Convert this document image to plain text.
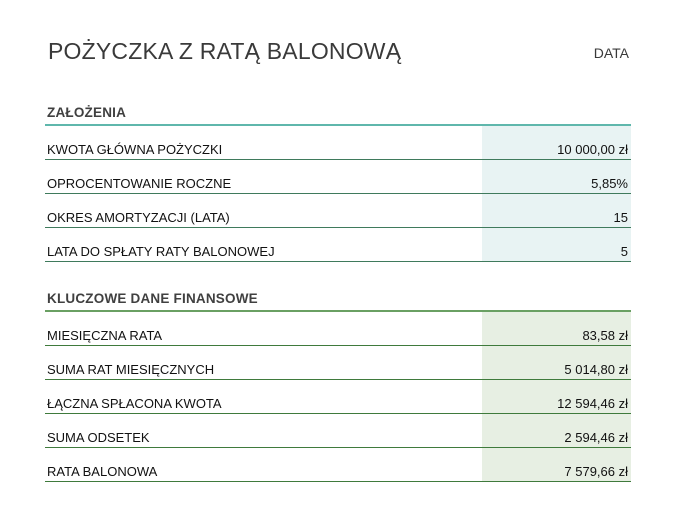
POŻYCZKA Z RATĄ BALONOWĄ	DATA
ZAŁOŻENIA
KWOTA GŁÓWNA POŻYCZKI	10 000,00 zł
OPROCENTOWANIE ROCZNE	5,85%
OKRES AMORTYZACJI (LATA)	15
LATA DO SPŁATY RATY BALONOWEJ	5
KLUCZOWE DANE FINANSOWE
MIESIĘCZNA RATA	83,58 zł
SUMA RAT MIESIĘCZNYCH	5 014,80 zł
ŁĄCZNA SPŁACONA KWOTA	12 594,46 zł
SUMA ODSETEK	2 594,46 zł
RATA BALONOWA	7 579,66 zł
